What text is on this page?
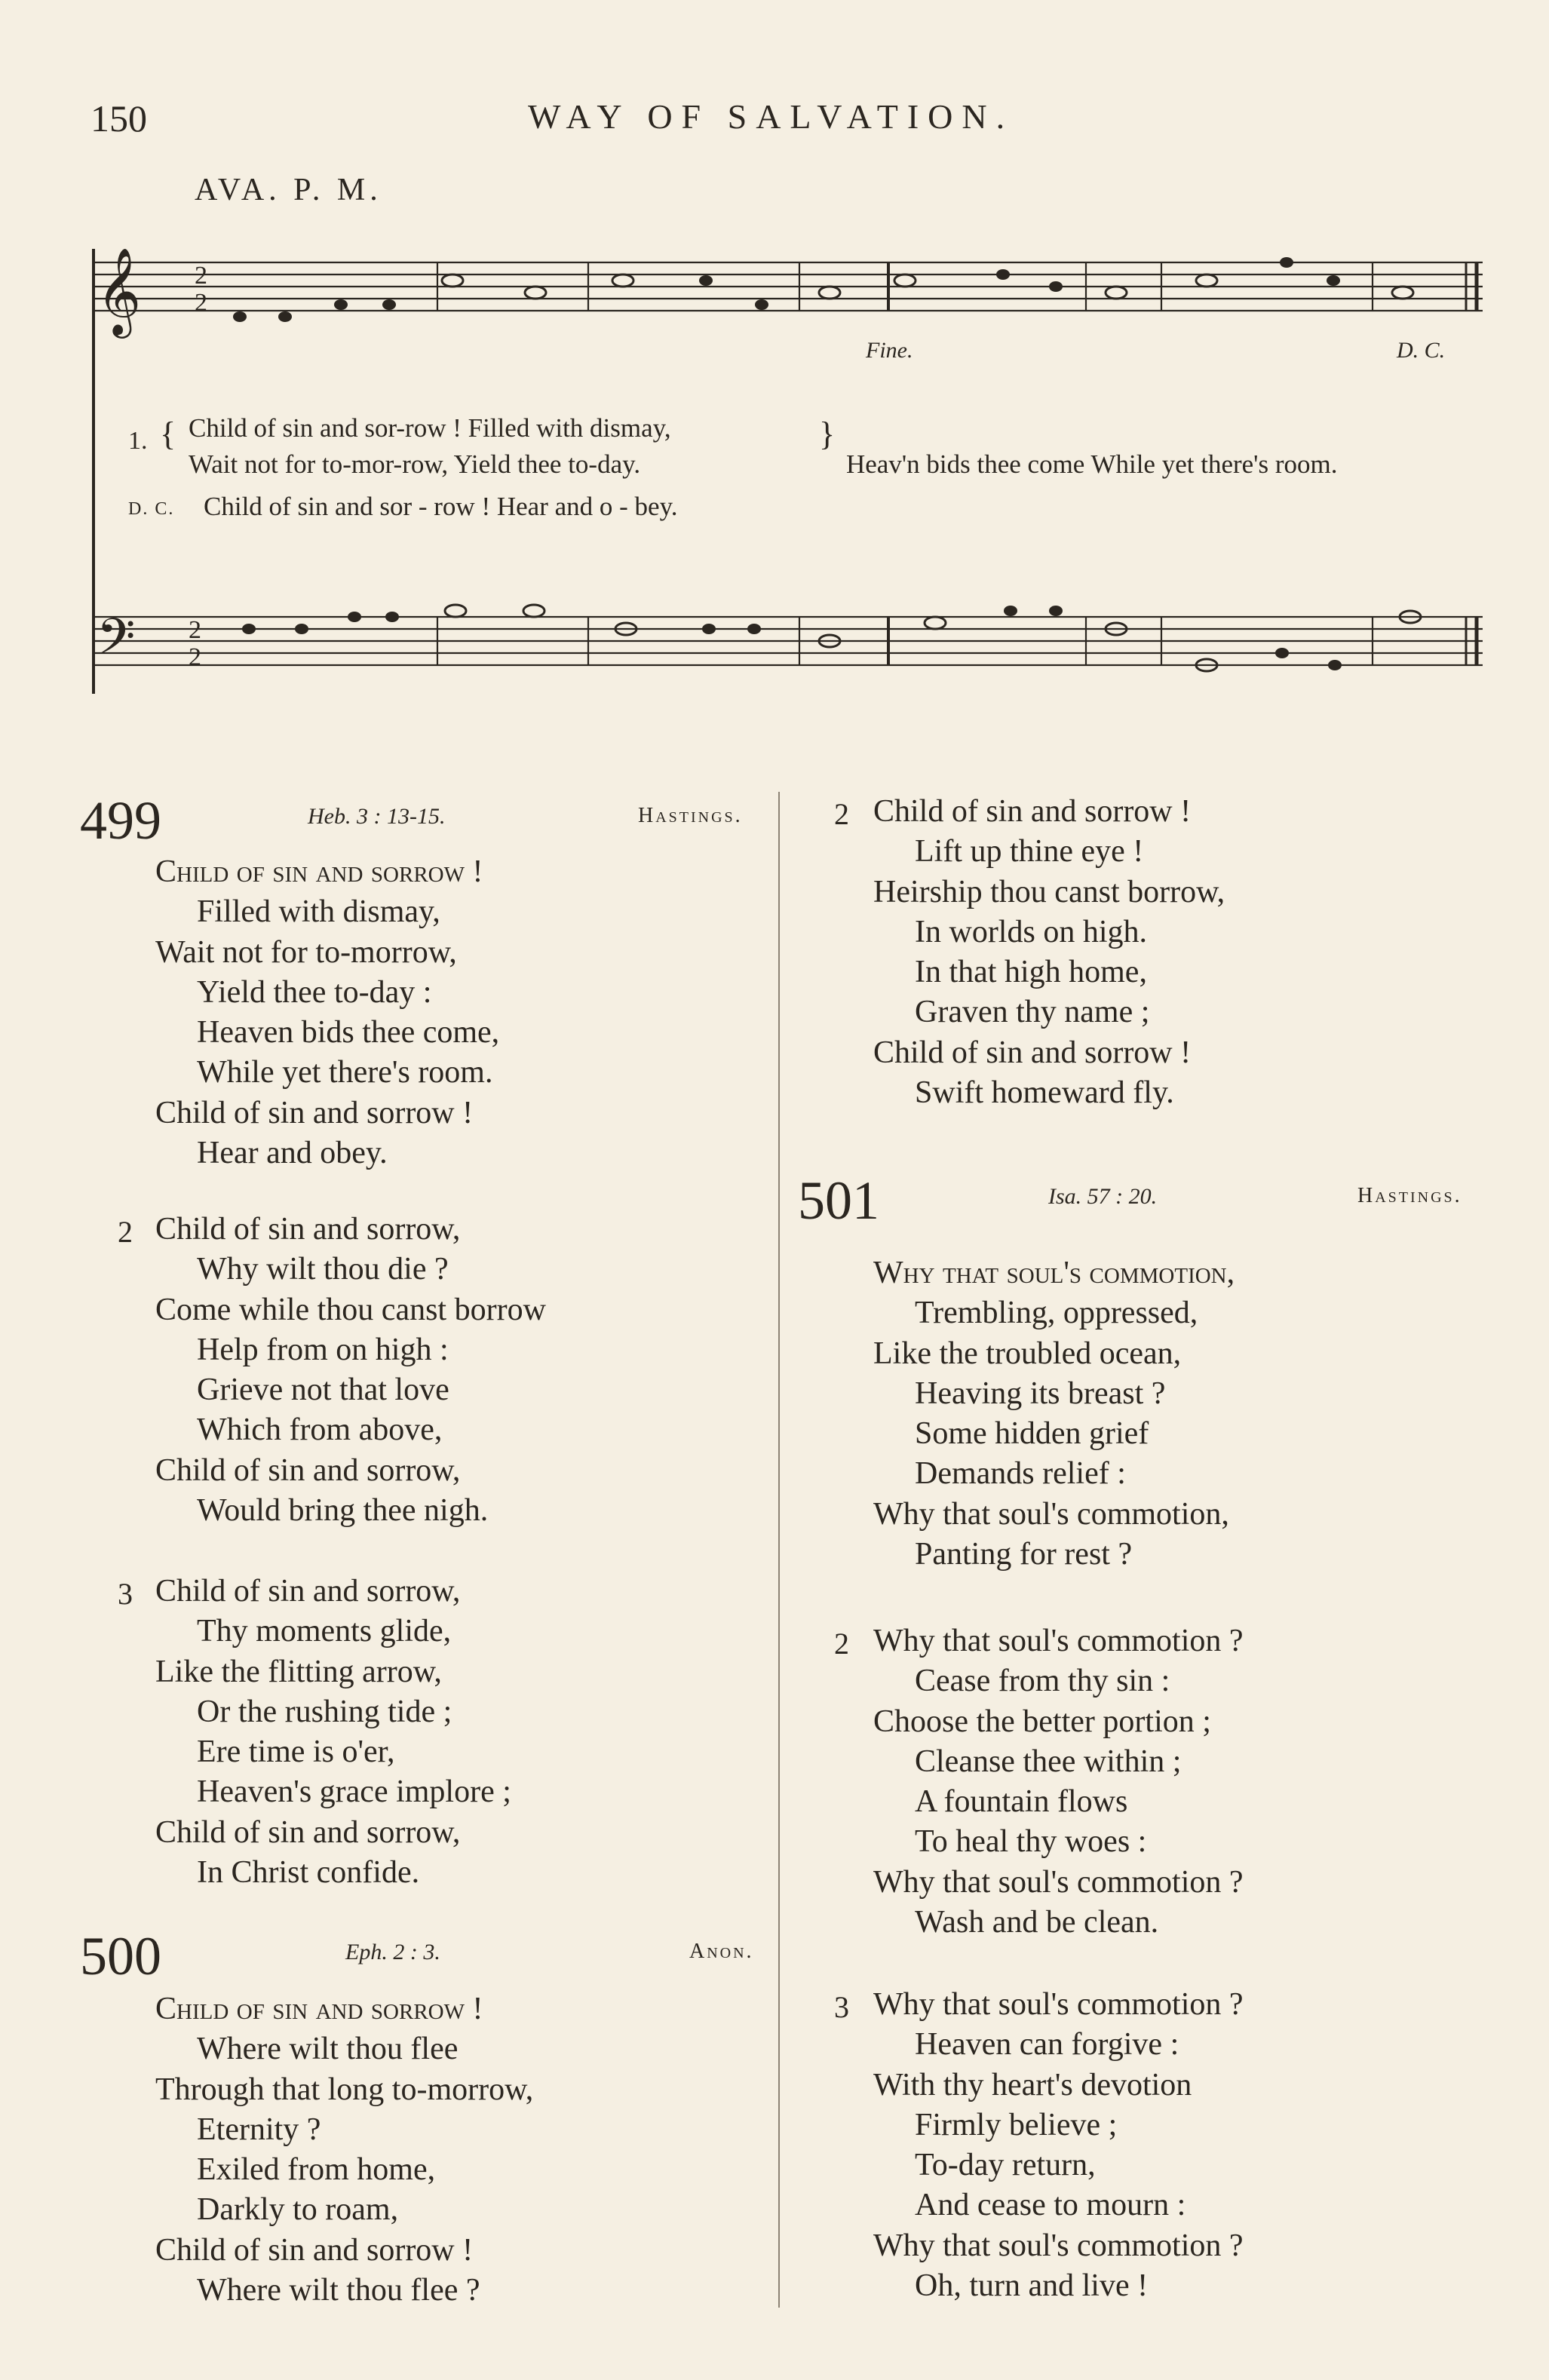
150	WAY OF SALVATION.
AVA. P. M.
𝄞 2
2
Fine.	D. C.
𝄢 2
2
1. { Child of sin and sor-row ! Filled with dismay,
Wait not for to-mor-row, Yield thee to-day.
}
Heav'n bids thee come While yet there's room.
D. C. Child of sin and sor - row ! Hear and o - bey.
499	Heb. 3 : 13-15.	Hastings.
Child of sin and sorrow !
Filled with dismay,
Wait not for to-morrow,
Yield thee to-day :
Heaven bids thee come,
While yet there's room.
Child of sin and sorrow !
Hear and obey.
2 Child of sin and sorrow,
Why wilt thou die ?
Come while thou canst borrow
Help from on high :
Grieve not that love
Which from above,
Child of sin and sorrow,
Would bring thee nigh.
3 Child of sin and sorrow,
Thy moments glide,
Like the flitting arrow,
Or the rushing tide ;
Ere time is o'er,
Heaven's grace implore ;
Child of sin and sorrow,
In Christ confide.
500	Eph. 2 : 3.	Anon.
Child of sin and sorrow !
Where wilt thou flee
Through that long to-morrow,
Eternity ?
Exiled from home,
Darkly to roam,
Child of sin and sorrow !
Where wilt thou flee ?
2 Child of sin and sorrow !
Lift up thine eye !
Heirship thou canst borrow,
In worlds on high.
In that high home,
Graven thy name ;
Child of sin and sorrow !
Swift homeward fly.
501	Isa. 57 : 20.	Hastings.
Why that soul's commotion,
Trembling, oppressed,
Like the troubled ocean,
Heaving its breast ?
Some hidden grief
Demands relief :
Why that soul's commotion,
Panting for rest ?
2 Why that soul's commotion ?
Cease from thy sin :
Choose the better portion ;
Cleanse thee within ;
A fountain flows
To heal thy woes :
Why that soul's commotion ?
Wash and be clean.
3 Why that soul's commotion ?
Heaven can forgive :
With thy heart's devotion
Firmly believe ;
To-day return,
And cease to mourn :
Why that soul's commotion ?
Oh, turn and live !
